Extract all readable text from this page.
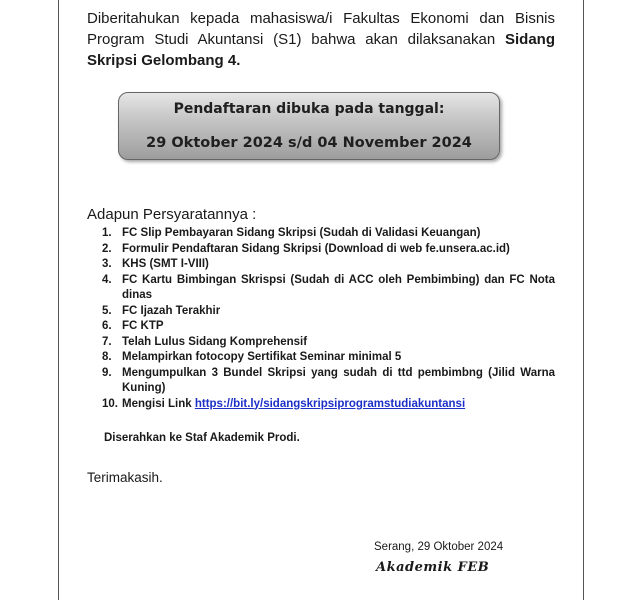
Diberitahukan kepada mahasiswa/i Fakultas Ekonomi dan Bisnis Program Studi Akuntansi (S1) bahwa akan dilaksanakan Sidang Skripsi Gelombang 4.
Pendaftaran dibuka pada tanggal:
29 Oktober 2024 s/d 04 November 2024
Adapun Persyaratannya :
1. FC Slip Pembayaran Sidang Skripsi (Sudah di Validasi Keuangan)
2. Formulir Pendaftaran Sidang Skripsi (Download di web fe.unsera.ac.id)
3. KHS (SMT I-VIII)
4. FC Kartu Bimbingan Skrispsi (Sudah di ACC oleh Pembimbing) dan FC Nota dinas
5. FC Ijazah Terakhir
6. FC KTP
7. Telah Lulus Sidang Komprehensif
8. Melampirkan fotocopy Sertifikat Seminar minimal 5
9. Mengumpulkan 3 Bundel Skripsi yang sudah di ttd pembimbng (Jilid Warna Kuning)
10. Mengisi Link https://bit.ly/sidangskripsiprogramstudiakuntansi
Diserahkan ke Staf Akademik Prodi.
Terimakasih.
Serang, 29 Oktober 2024
Akademik FEB
